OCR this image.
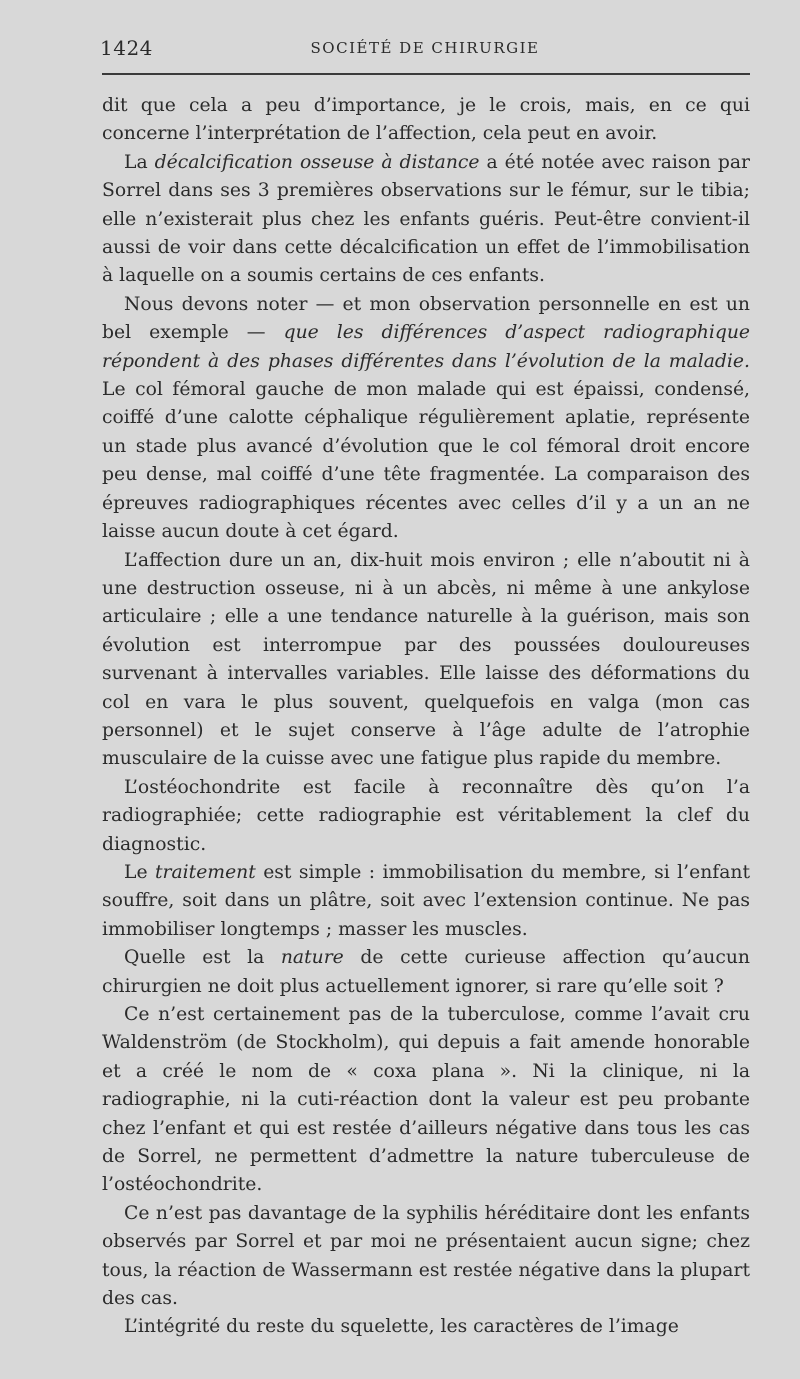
1424	SOCIÉTÉ DE CHIRURGIE

dit que cela a peu d’importance, je le crois, mais, en ce qui concerne l’interprétation de l’affection, cela peut en avoir.

La décalcification osseuse à distance a été notée avec raison par Sorrel dans ses 3 premières observations sur le fémur, sur le tibia; elle n’existerait plus chez les enfants guéris. Peut-être convient-il aussi de voir dans cette décalcification un effet de l’immobilisation à laquelle on a soumis certains de ces enfants.

Nous devons noter — et mon observation personnelle en est un bel exemple — que les différences d’aspect radiographique répondent à des phases différentes dans l’évolution de la maladie. Le col fémoral gauche de mon malade qui est épaissi, condensé, coiffé d’une calotte céphalique régulièrement aplatie, représente un stade plus avancé d’évolution que le col fémoral droit encore peu dense, mal coiffé d’une tête fragmentée. La comparaison des épreuves radiographiques récentes avec celles d’il y a un an ne laisse aucun doute à cet égard.

L’affection dure un an, dix-huit mois environ ; elle n’aboutit ni à une destruction osseuse, ni à un abcès, ni même à une ankylose articulaire ; elle a une tendance naturelle à la guérison, mais son évolution est interrompue par des poussées douloureuses survenant à intervalles variables. Elle laisse des déformations du col en vara le plus souvent, quelquefois en valga (mon cas personnel) et le sujet conserve à l’âge adulte de l’atrophie musculaire de la cuisse avec une fatigue plus rapide du membre.

L’ostéochondrite est facile à reconnaître dès qu’on l’a radiographiée; cette radiographie est véritablement la clef du diagnostic.

Le traitement est simple : immobilisation du membre, si l’enfant souffre, soit dans un plâtre, soit avec l’extension continue. Ne pas immobiliser longtemps ; masser les muscles.

Quelle est la nature de cette curieuse affection qu’aucun chirurgien ne doit plus actuellement ignorer, si rare qu’elle soit ?

Ce n’est certainement pas de la tuberculose, comme l’avait cru Waldenström (de Stockholm), qui depuis a fait amende honorable et a créé le nom de « coxa plana ». Ni la clinique, ni la radiographie, ni la cuti-réaction dont la valeur est peu probante chez l’enfant et qui est restée d’ailleurs négative dans tous les cas de Sorrel, ne permettent d’admettre la nature tuberculeuse de l’ostéochondrite.

Ce n’est pas davantage de la syphilis héréditaire dont les enfants observés par Sorrel et par moi ne présentaient aucun signe; chez tous, la réaction de Wassermann est restée négative dans la plupart des cas.

L’intégrité du reste du squelette, les caractères de l’image
